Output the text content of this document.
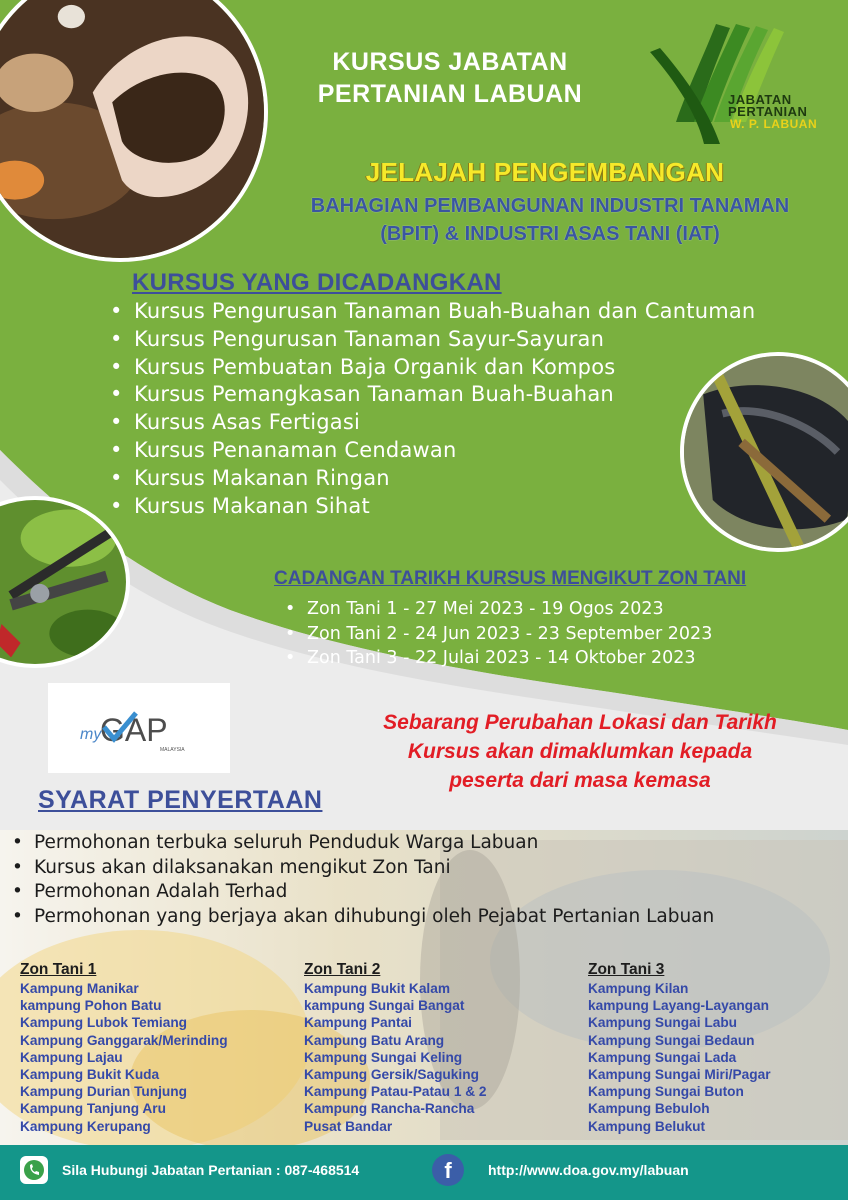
KURSUS JABATAN
PERTANIAN LABUAN	JABATAN
PERTANIAN
W. P. LABUAN
JELAJAH PENGEMBANGAN
BAHAGIAN PEMBANGUNAN INDUSTRI TANAMAN
(BPIT) & INDUSTRI ASAS TANI (IAT)
KURSUS YANG DICADANGKAN
• Kursus Pengurusan Tanaman Buah-Buahan dan Cantuman
• Kursus Pengurusan Tanaman Sayur-Sayuran
• Kursus Pembuatan Baja Organik dan Kompos
• Kursus Pemangkasan Tanaman Buah-Buahan
• Kursus Asas Fertigasi
• Kursus Penanaman Cendawan
• Kursus Makanan Ringan
• Kursus Makanan Sihat
CADANGAN TARIKH KURSUS MENGIKUT ZON TANI
• Zon Tani 1 - 27 Mei 2023 - 19 Ogos 2023
• Zon Tani 2 - 24 Jun 2023 - 23 September 2023
• Zon Tani 3 - 22 Julai 2023 - 14 Oktober 2023
my
GAP
MALAYSIA
Sebarang Perubahan Lokasi dan Tarikh
Kursus akan dimaklumkan kepada
peserta dari masa kemasa
SYARAT PENYERTAAN
• Permohonan terbuka seluruh Penduduk Warga Labuan
• Kursus akan dilaksanakan mengikut Zon Tani
• Permohonan Adalah Terhad
• Permohonan yang berjaya akan dihubungi oleh Pejabat Pertanian Labuan
Zon Tani 1
Kampung Manikar
kampung Pohon Batu
Kampung Lubok Temiang
Kampung Ganggarak/Merinding
Kampung Lajau
Kampung Bukit Kuda
Kampung Durian Tunjung
Kampung Tanjung Aru
Kampung Kerupang
Zon Tani 2
Kampung Bukit Kalam
kampung Sungai Bangat
Kampung Pantai
Kampung Batu Arang
Kampung Sungai Keling
Kampung Gersik/Saguking
Kampung Patau-Patau 1 & 2
Kampung Rancha-Rancha
Pusat Bandar
Zon Tani 3
Kampung Kilan
kampung Layang-Layangan
Kampung Sungai Labu
Kampung Sungai Bedaun
Kampung Sungai Lada
Kampung Sungai Miri/Pagar
Kampung Sungai Buton
Kampung Bebuloh
Kampung Belukut
Sila Hubungi Jabatan Pertanian : 087-468514	f	http://www.doa.gov.my/labuan
